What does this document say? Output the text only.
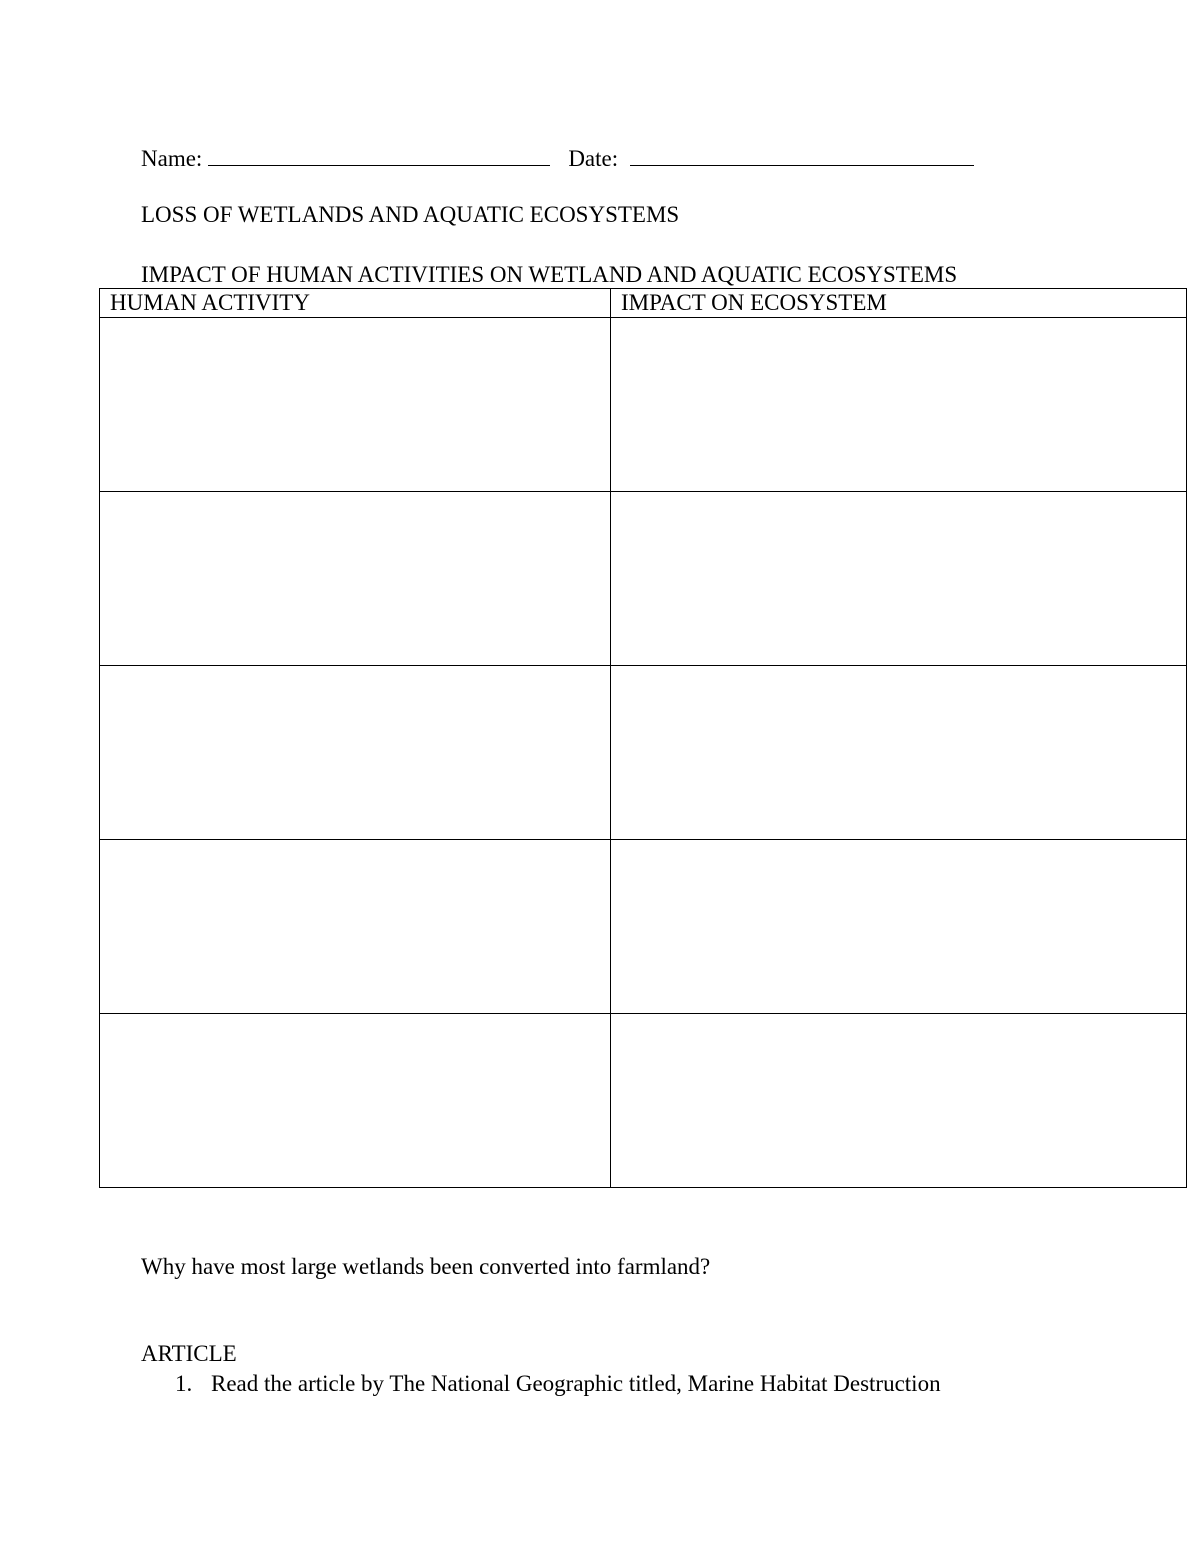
Name:	Date:
LOSS OF WETLANDS AND AQUATIC ECOSYSTEMS
IMPACT OF HUMAN ACTIVITIES ON WETLAND AND AQUATIC ECOSYSTEMS
HUMAN ACTIVITY	IMPACT ON ECOSYSTEM

Why have most large wetlands been converted into farmland?
ARTICLE
1. Read the article by The National Geographic titled, Marine Habitat Destruction
